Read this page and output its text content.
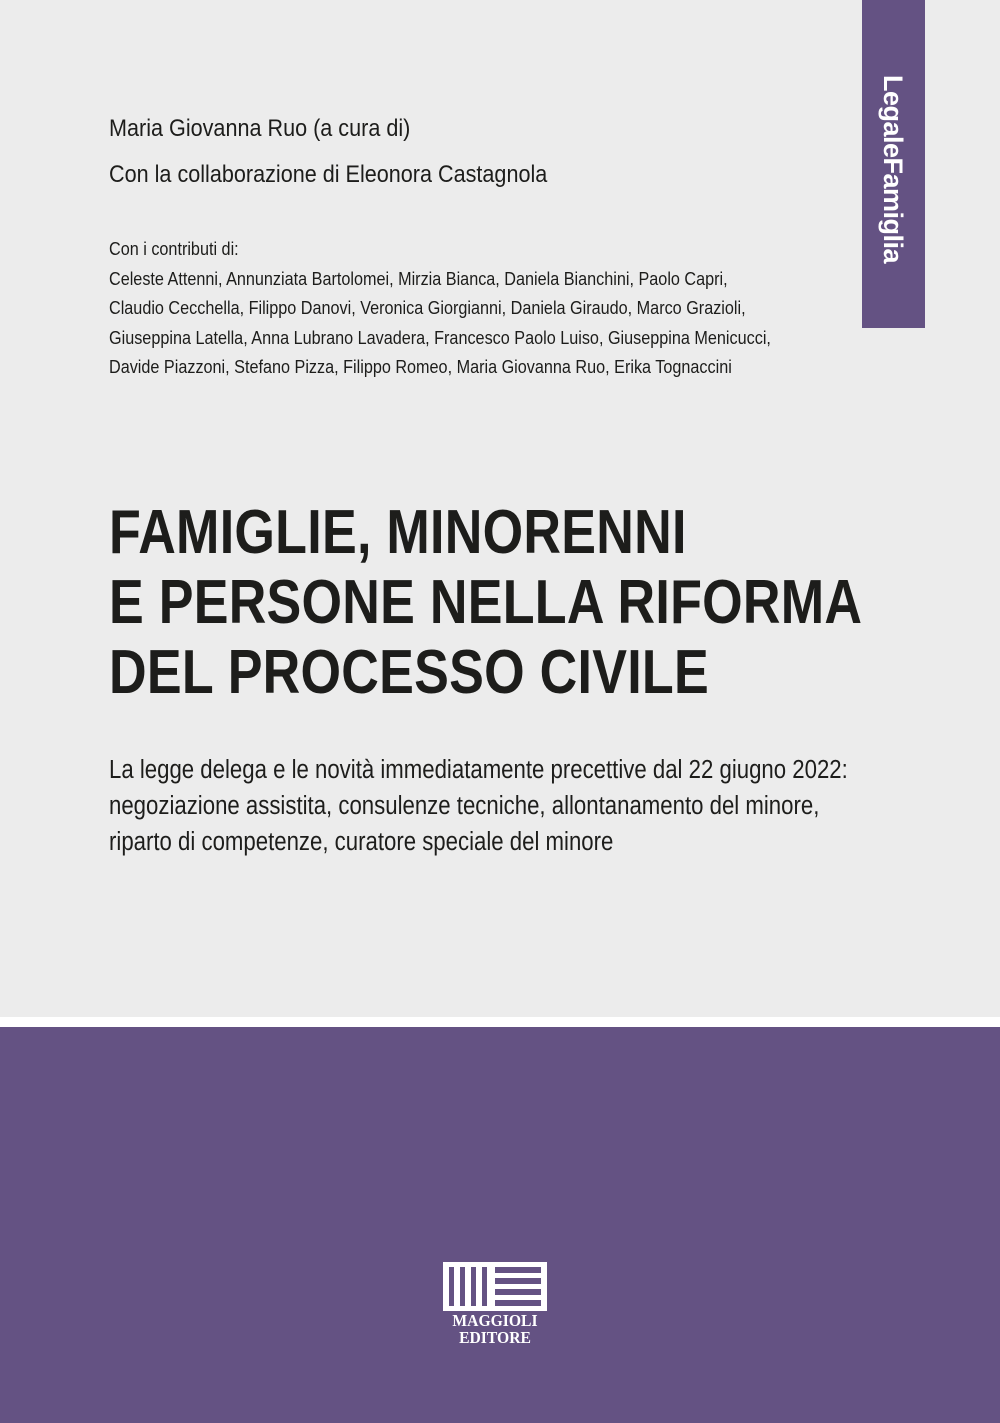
LegaleFamiglia
Maria Giovanna Ruo (a cura di)
Con la collaborazione di Eleonora Castagnola
Con i contributi di:
Celeste Attenni, Annunziata Bartolomei, Mirzia Bianca, Daniela Bianchini, Paolo Capri,
Claudio Cecchella, Filippo Danovi, Veronica Giorgianni, Daniela Giraudo, Marco Grazioli,
Giuseppina Latella, Anna Lubrano Lavadera, Francesco Paolo Luiso, Giuseppina Menicucci,
Davide Piazzoni, Stefano Pizza, Filippo Romeo, Maria Giovanna Ruo, Erika Tognaccini
FAMIGLIE, MINORENNI
E PERSONE NELLA RIFORMA
DEL PROCESSO CIVILE
La legge delega e le novità immediatamente precettive dal 22 giugno 2022:
negoziazione assistita, consulenze tecniche, allontanamento del minore,
riparto di competenze, curatore speciale del minore
MAGGIOLI
EDITORE
